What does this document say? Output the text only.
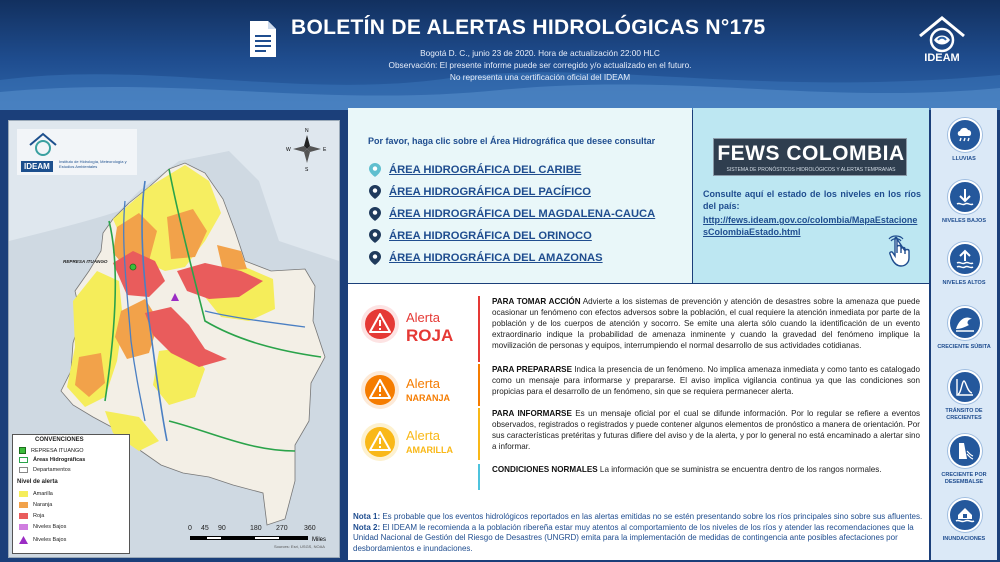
BOLETÍN DE ALERTAS HIDROLÓGICAS N°175
Bogotá D. C., junio 23 de 2020. Hora de actualización 22:00 HLC
Observación: El presente informe puede ser corregido y/o actualizado en el futuro.
No representa una certificación oficial del IDEAM
IDEAM
N
S
E
W
REPRESA ITUANGO
IDEAM
Instituto de Hidrología, Meteorología y Estudios Ambientales
CONVENCIONES
REPRESA ITUANGO
Áreas Hidrográficas
Departamentos
Nivel de alerta
Amarilla
Naranja
Roja
Niveles Bajos
Niveles Bajos
0 45 90	180 270 360
Miles
Sources: Esri, USGS, NOAA
Por favor, haga clic sobre el Área Hidrográfica que desee consultar
ÁREA HIDROGRÁFICA DEL CARIBE
ÁREA HIDROGRÁFICA DEL PACÍFICO
ÁREA HIDROGRÁFICA DEL MAGDALENA-CAUCA
ÁREA HIDROGRÁFICA DEL ORINOCO
ÁREA HIDROGRÁFICA DEL AMAZONAS
FEWS COLOMBIA
SISTEMA DE PRONÓSTICOS HIDROLÓGICOS Y ALERTAS TEMPRANAS
Consulte aquí el estado de los niveles en los ríos del país:
http://fews.ideam.gov.co/colombia/MapaEstacionesColombiaEstado.html
Alerta
ROJA
PARA TOMAR ACCIÓN Advierte a los sistemas de prevención y atención de desastres sobre la amenaza que puede ocasionar un fenómeno con efectos adversos sobre la población, el cual requiere la atención inmediata por parte de la población y de los cuerpos de atención y socorro. Se emite una alerta sólo cuando la identificación de un evento extraordinario indique la probabilidad de amenaza inminente y cuando la gravedad del fenómeno implique la movilización de personas y equipos, interrumpiendo el normal desarrollo de sus actividades cotidianas.
Alerta
NARANJA
PARA PREPARARSE Indica la presencia de un fenómeno. No implica amenaza inmediata y como tanto es catalogado como un mensaje para informarse y prepararse. El aviso implica vigilancia continua ya que las condiciones son propicias para el desarrollo de un fenómeno, sin que se requiera permanecer alerta.
Alerta
AMARILLA
PARA INFORMARSE Es un mensaje oficial por el cual se difunde información. Por lo regular se refiere a eventos observados, registrados o registrados y puede contener algunos elementos de pronóstico a manera de orientación. Por sus características pretéritas y futuras difiere del aviso y de la alerta, y por lo general no está encaminado a alertar sino a informar.
CONDICIONES NORMALES La información que se suministra se encuentra dentro de los rangos normales.
Nota 1: Es probable que los eventos hidrológicos reportados en las alertas emitidas no se estén presentando sobre los ríos principales sino sobre sus afluentes.
Nota 2: El IDEAM le recomienda a la población ribereña estar muy atentos al comportamiento de los niveles de los ríos y atender las recomendaciones que la Unidad Nacional de Gestión del Riesgo de Desastres (UNGRD) emita para la implementación de medidas de contingencia ante posibles afectaciones por desbordamientos e inundaciones.
LLUVIAS
NIVELES BAJOS
NIVELES ALTOS
CRECIENTE SÚBITA
TRÁNSITO DE CRECIENTES
CRECIENTE POR DESEMBALSE
INUNDACIONES
